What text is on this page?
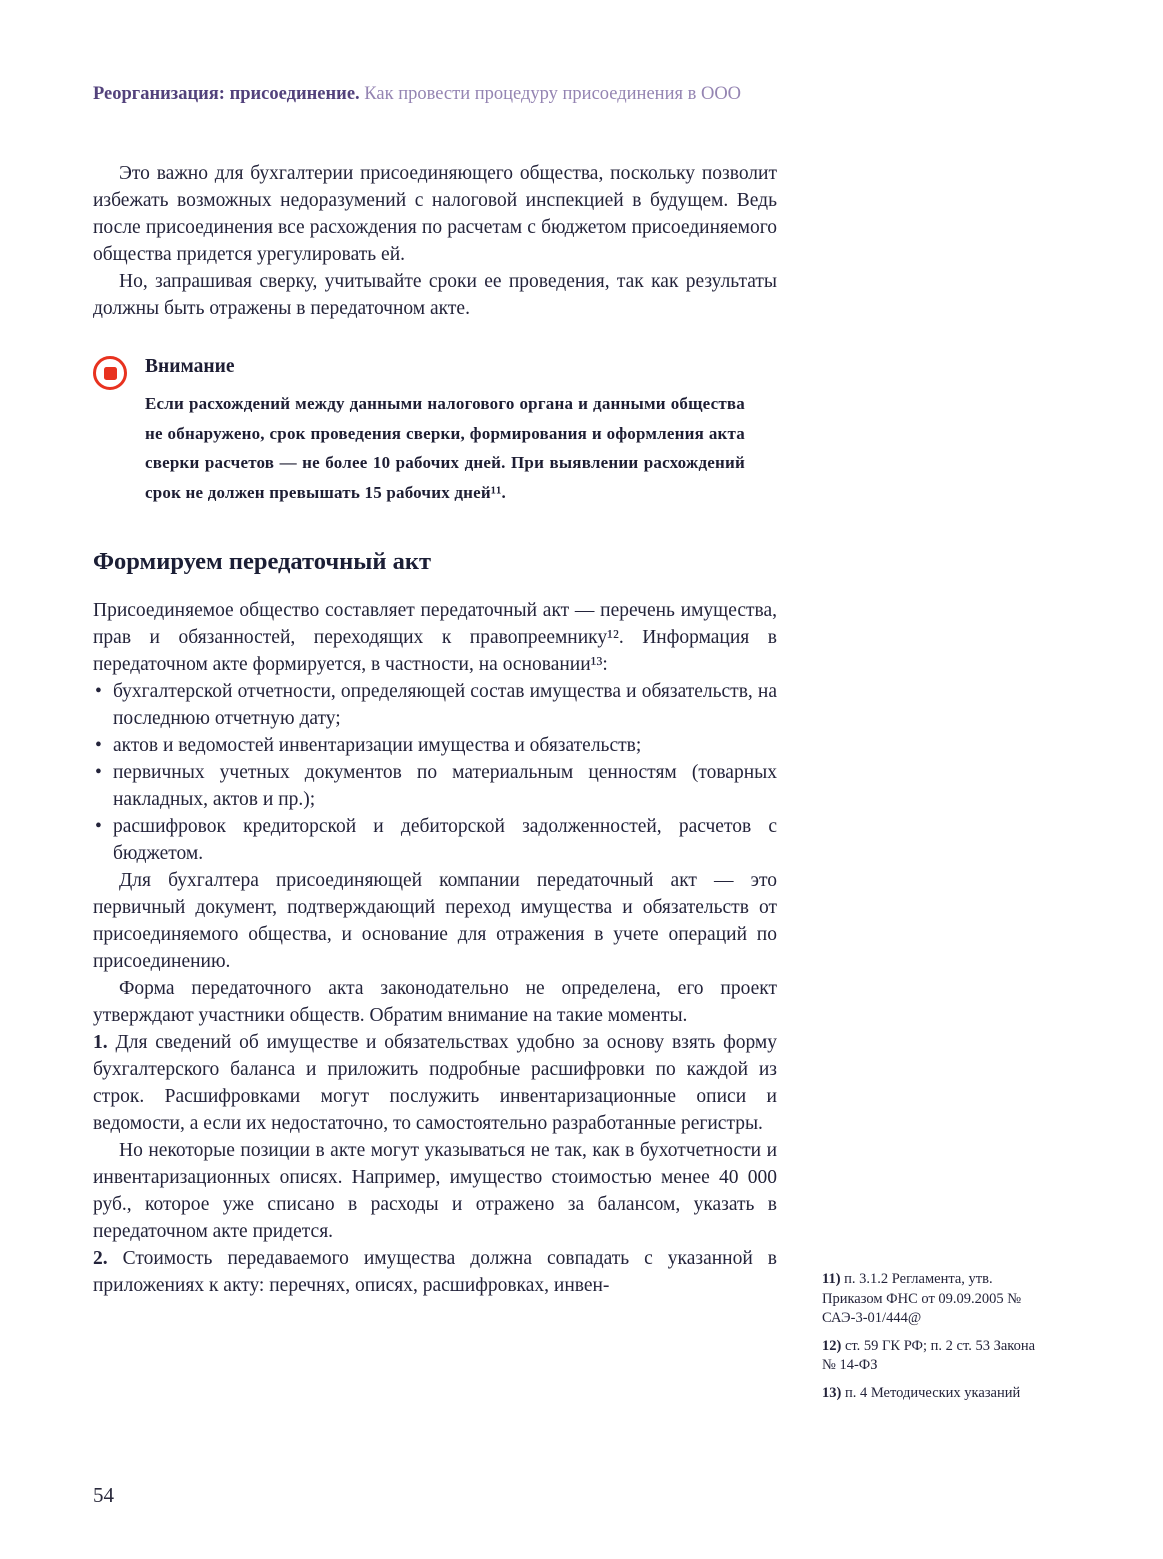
Реорганизация: присоединение. Как провести процедуру присоединения в ООО

Это важно для бухгалтерии присоединяющего общества, поскольку позволит избежать возможных недоразумений с налоговой инспекцией в будущем. Ведь после присоединения все расхождения по расчетам с бюджетом присоединяемого общества придется урегулировать ей.

Но, запрашивая сверку, учитывайте сроки ее проведения, так как результаты должны быть отражены в передаточном акте.

Внимание
Если расхождений между данными налогового органа и данными общества не обнаружено, срок проведения сверки, формирования и оформления акта сверки расчетов — не более 10 рабочих дней. При выявлении расхождений срок не должен превышать 15 рабочих дней¹¹.
Формируем передаточный акт

Присоединяемое общество составляет передаточный акт — перечень имущества, прав и обязанностей, переходящих к правопреемнику¹². Информация в передаточном акте формируется, в частности, на основании¹³:

• бухгалтерской отчетности, определяющей состав имущества и обязательств, на последнюю отчетную дату;
• актов и ведомостей инвентаризации имущества и обязательств;
• первичных учетных документов по материальным ценностям (товарных накладных, актов и пр.);
• расшифровок кредиторской и дебиторской задолженностей, расчетов с бюджетом.

Для бухгалтера присоединяющей компании передаточный акт — это первичный документ, подтверждающий переход имущества и обязательств от присоединяемого общества, и основание для отражения в учете операций по присоединению.

Форма передаточного акта законодательно не определена, его проект утверждают участники обществ. Обратим внимание на такие моменты.

1. Для сведений об имуществе и обязательствах удобно за основу взять форму бухгалтерского баланса и приложить подробные расшифровки по каждой из строк. Расшифровками могут послужить инвентаризационные описи и ведомости, а если их недостаточно, то самостоятельно разработанные регистры.

Но некоторые позиции в акте могут указываться не так, как в бухотчетности и инвентаризационных описях. Например, имущество стоимостью менее 40 000 руб., которое уже списано в расходы и отражено за балансом, указать в передаточном акте придется.

2. Стоимость передаваемого имущества должна совпадать с указанной в приложениях к акту: перечнях, описях, расшифровках, инвен-	11) п. 3.1.2 Регламента, утв. Приказом ФНС от 09.09.2005 № САЭ-3-01/444@

12) ст. 59 ГК РФ; п. 2 ст. 53 Закона № 14-ФЗ

13) п. 4 Методических указаний

54
